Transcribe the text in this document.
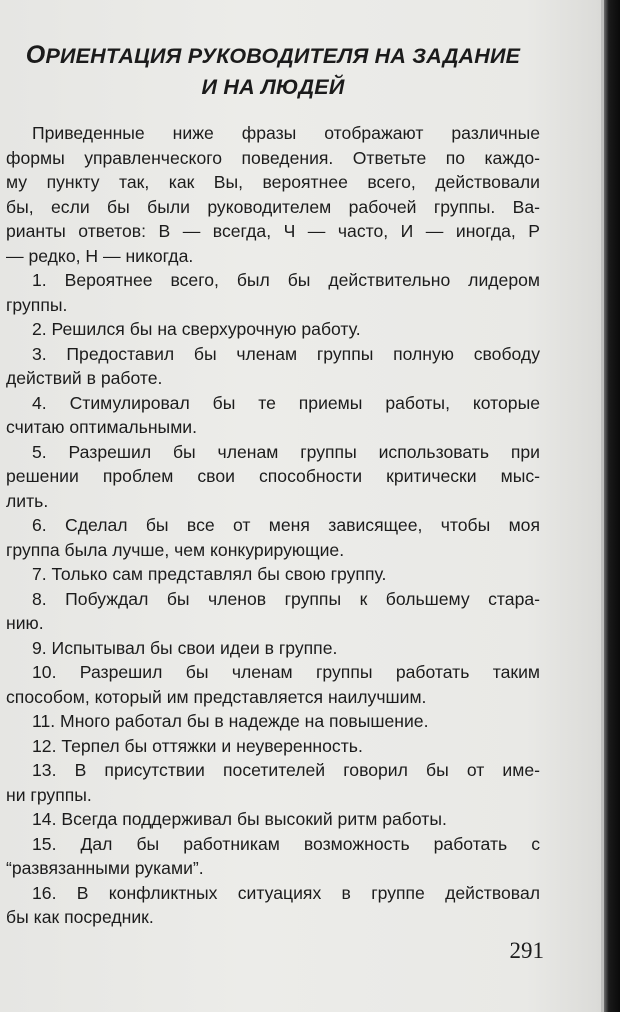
ОРИЕНТАЦИЯ РУКОВОДИТЕЛЯ НА ЗАДАНИЕ
И НА ЛЮДЕЙ
Приведенные ниже фразы отображают различные
формы управленческого поведения. Ответьте по каждо-
му пункту так, как Вы, вероятнее всего, действовали
бы, если бы были руководителем рабочей группы. Ва-
рианты ответов: В — всегда, Ч — часто, И — иногда, Р
— редко, Н — никогда.
1. Вероятнее всего, был бы действительно лидером
группы.
2. Решился бы на сверхурочную работу.
3. Предоставил бы членам группы полную свободу
действий в работе.
4. Стимулировал бы те приемы работы, которые
считаю оптимальными.
5. Разрешил бы членам группы использовать при
решении проблем свои способности критически мыс-
лить.
6. Сделал бы все от меня зависящее, чтобы моя
группа была лучше, чем конкурирующие.
7. Только сам представлял бы свою группу.
8. Побуждал бы членов группы к большему стара-
нию.
9. Испытывал бы свои идеи в группе.
10. Разрешил бы членам группы работать таким
способом, который им представляется наилучшим.
11. Много работал бы в надежде на повышение.
12. Терпел бы оттяжки и неуверенность.
13. В присутствии посетителей говорил бы от име-
ни группы.
14. Всегда поддерживал бы высокий ритм работы.
15. Дал бы работникам возможность работать с
“развязанными руками”.
16. В конфликтных ситуациях в группе действовал
бы как посредник.
291
